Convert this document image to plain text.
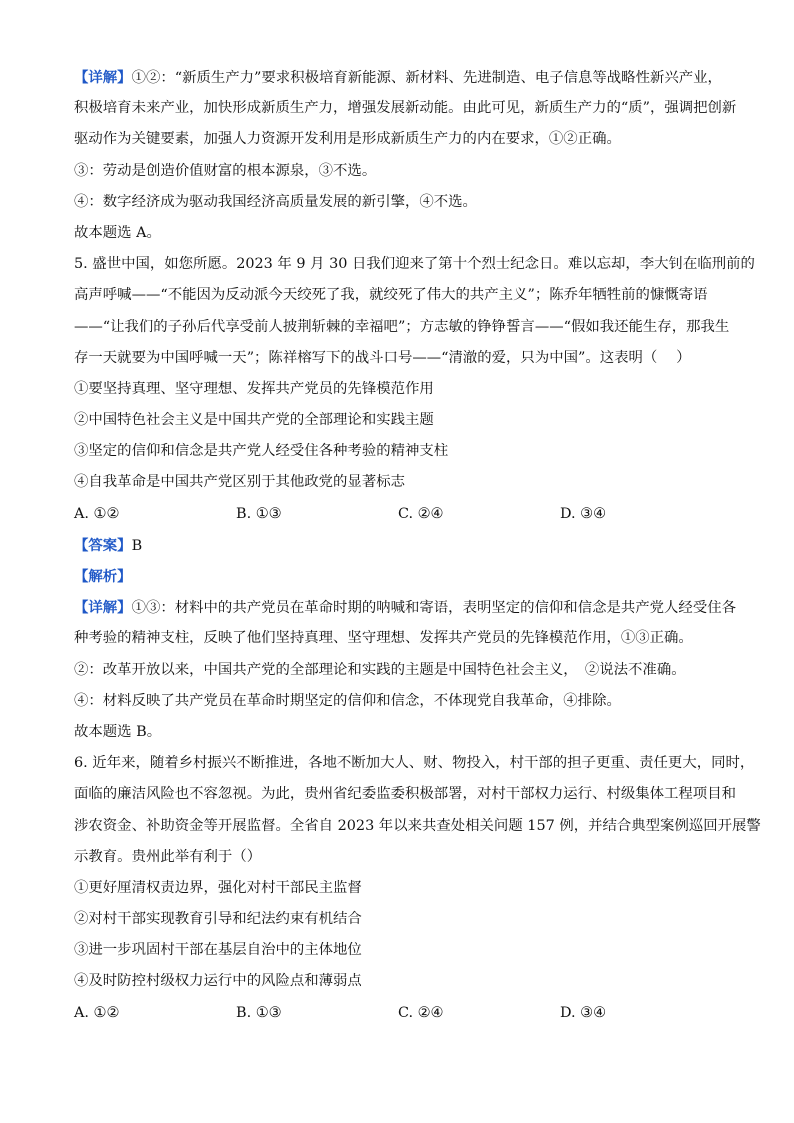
【详解】①②：“新质生产力”要求积极培育新能源、新材料、先进制造、电子信息等战略性新兴产业，
积极培育未来产业，加快形成新质生产力，增强发展新动能。由此可见，新质生产力的“质”，强调把创新
驱动作为关键要素，加强人力资源开发利用是形成新质生产力的内在要求，①②正确。
③：劳动是创造价值财富的根本源泉，③不选。
④：数字经济成为驱动我国经济高质量发展的新引擎，④不选。
故本题选 A。
5. 盛世中国，如您所愿。2023 年 9 月 30 日我们迎来了第十个烈士纪念日。难以忘却，李大钊在临刑前的
高声呼喊——“不能因为反动派今天绞死了我，就绞死了伟大的共产主义”；陈乔年牺牲前的慷慨寄语
——“让我们的子孙后代享受前人披荆斩棘的幸福吧”；方志敏的铮铮誓言——“假如我还能生存，那我生
存一天就要为中国呼喊一天”；陈祥榕写下的战斗口号——“清澈的爱，只为中国”。这表明（　 ）
①要坚持真理、坚守理想、发挥共产党员的先锋模范作用
②中国特色社会主义是中国共产党的全部理论和实践主题
③坚定的信仰和信念是共产党人经受住各种考验的精神支柱
④自我革命是中国共产党区别于其他政党的显著标志
A. ①②	B. ①③	C. ②④	D. ③④
【答案】B
【解析】
【详解】①③：材料中的共产党员在革命时期的呐喊和寄语，表明坚定的信仰和信念是共产党人经受住各
种考验的精神支柱，反映了他们坚持真理、坚守理想、发挥共产党员的先锋模范作用，①③正确。
②：改革开放以来，中国共产党的全部理论和实践的主题是中国特色社会主义，　②说法不准确。
④：材料反映了共产党员在革命时期坚定的信仰和信念，不体现党自我革命，④排除。
故本题选 B。
6. 近年来，随着乡村振兴不断推进，各地不断加大人、财、物投入，村干部的担子更重、责任更大，同时，
面临的廉洁风险也不容忽视。为此，贵州省纪委监委积极部署，对村干部权力运行、村级集体工程项目和
涉农资金、补助资金等开展监督。全省自 2023 年以来共查处相关问题 157 例，并结合典型案例巡回开展警
示教育。贵州此举有利于（）
①更好厘清权责边界，强化对村干部民主监督
②对村干部实现教育引导和纪法约束有机结合
③进一步巩固村干部在基层自治中的主体地位
④及时防控村级权力运行中的风险点和薄弱点
A. ①②	B. ①③	C. ②④	D. ③④
